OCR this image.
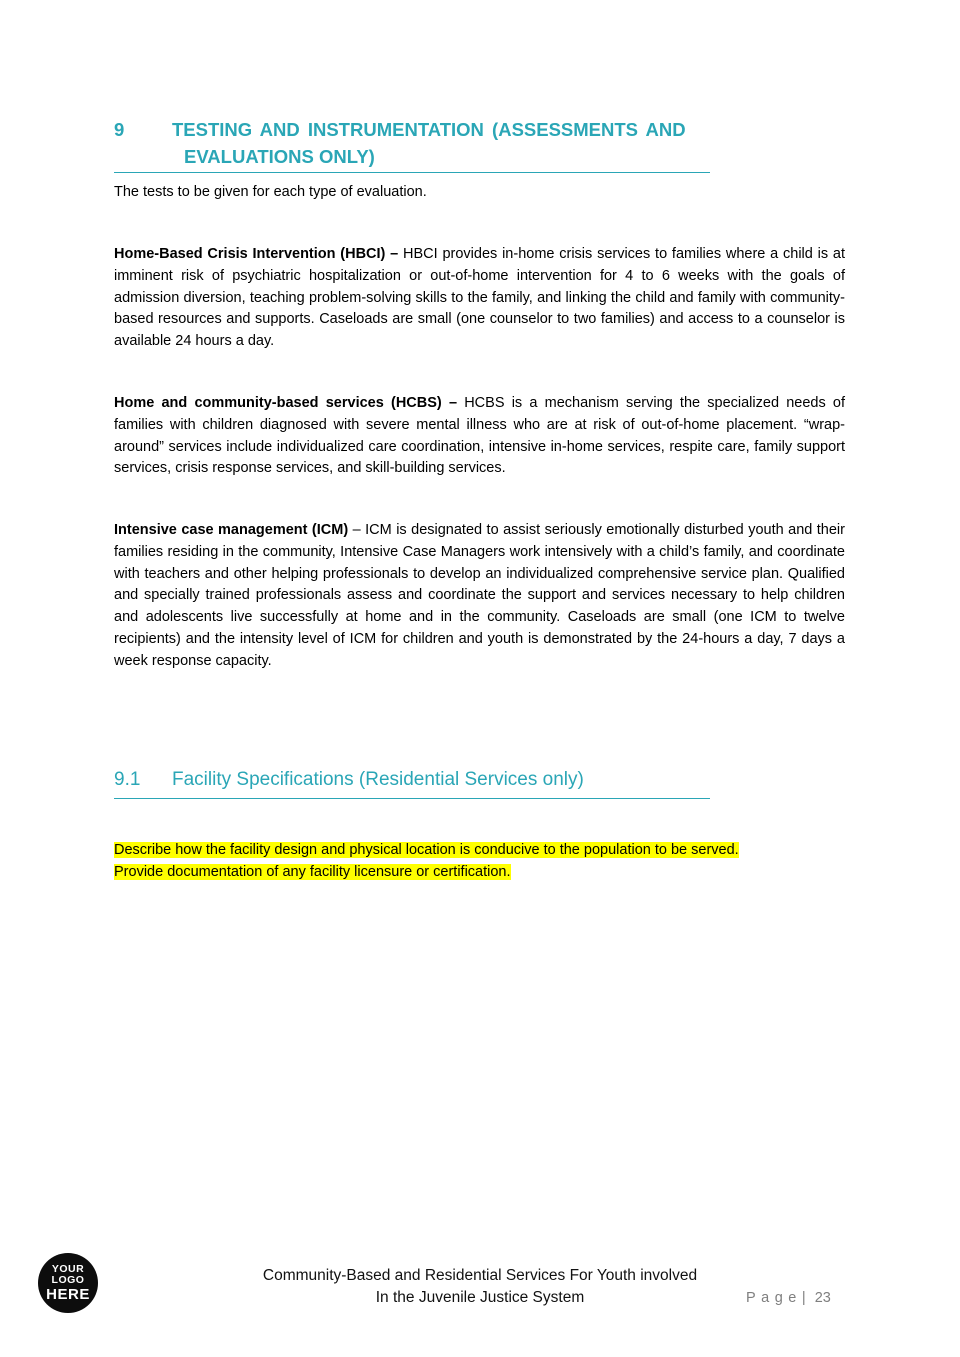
9	TESTING AND INSTRUMENTATION (ASSESSMENTS AND
EVALUATIONS ONLY)
The tests to be given for each type of evaluation.

Home-Based Crisis Intervention (HBCI) – HBCI provides in-home crisis services to families where a child is at imminent risk of psychiatric hospitalization or out-of-home intervention for 4 to 6 weeks with the goals of admission diversion, teaching problem-solving skills to the family, and linking the child and family with community-based resources and supports. Caseloads are small (one counselor to two families) and access to a counselor is available 24 hours a day.

Home and community-based services (HCBS) – HCBS is a mechanism serving the specialized needs of families with children diagnosed with severe mental illness who are at risk of out-of-home placement. “wrap-around” services include individualized care coordination, intensive in-home services, respite care, family support services, crisis response services, and skill-building services.

Intensive case management (ICM) – ICM is designated to assist seriously emotionally disturbed youth and their families residing in the community, Intensive Case Managers work intensively with a child’s family, and coordinate with teachers and other helping professionals to develop an individualized comprehensive service plan. Qualified and specially trained professionals assess and coordinate the support and services necessary to help children and adolescents live successfully at home and in the community. Caseloads are small (one ICM to twelve recipients) and the intensity level of ICM for children and youth is demonstrated by the 24-hours a day, 7 days a week response capacity.

9.1 Facility Specifications (Residential Services only)
Describe how the facility design and physical location is conducive to the population to be served.
Provide documentation of any facility licensure or certification.
YOUR
LOGO
HERE
Community-Based and Residential Services For Youth involved
In the Juvenile Justice System	Page| 23
